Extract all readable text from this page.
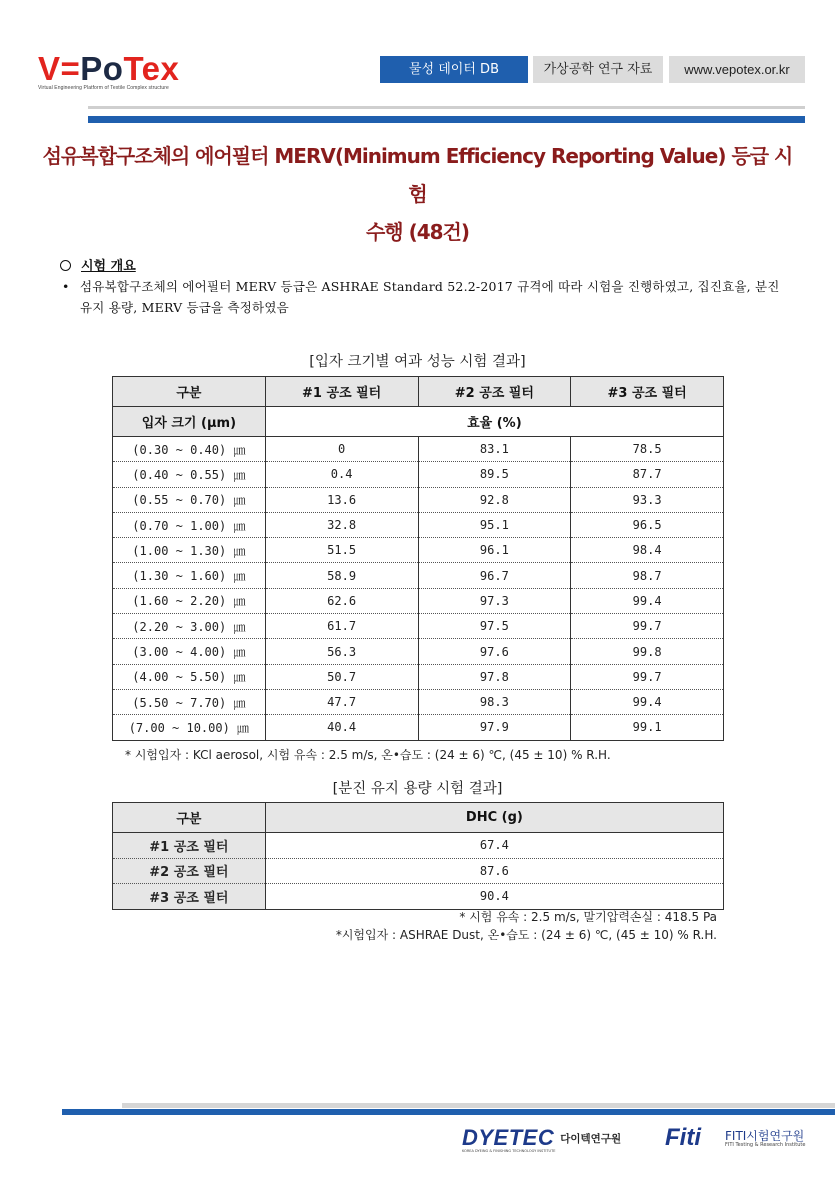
V=PoTex
Virtual Engineering Platform of Textile Complex structure
물성 데이터 DB	가상공학 연구 자료	www.vepotex.or.kr
섬유복합구조체의 에어필터 MERV(Minimum Efficiency Reporting Value) 등급 시험
수행 (48건)
시험 개요
• 섬유복합구조체의 에어필터 MERV 등급은 ASHRAE Standard 52.2-2017 규격에 따라 시험을 진행하였고, 집진효율, 분진 유지 용량, MERV 등급을 측정하였음
[입자 크기별 여과 성능 시험 결과]
구분	#1 공조 필터	#2 공조 필터	#3 공조 필터
입자 크기 (μm)	효율 (%)		
(0.30 ~ 0.40) ㎛	0	83.1	78.5
(0.40 ~ 0.55) ㎛	0.4	89.5	87.7
(0.55 ~ 0.70) ㎛	13.6	92.8	93.3
(0.70 ~ 1.00) ㎛	32.8	95.1	96.5
(1.00 ~ 1.30) ㎛	51.5	96.1	98.4
(1.30 ~ 1.60) ㎛	58.9	96.7	98.7
(1.60 ~ 2.20) ㎛	62.6	97.3	99.4
(2.20 ~ 3.00) ㎛	61.7	97.5	99.7
(3.00 ~ 4.00) ㎛	56.3	97.6	99.8
(4.00 ~ 5.50) ㎛	50.7	97.8	99.7
(5.50 ~ 7.70) ㎛	47.7	98.3	99.4
(7.00 ~ 10.00) ㎛	40.4	97.9	99.1
* 시험입자 : KCl aerosol, 시험 유속 : 2.5 m/s, 온•습도 : (24 ± 6) ℃, (45 ± 10) % R.H.
[분진 유지 용량 시험 결과]
구분	DHC (g)
#1 공조 필터	67.4
#2 공조 필터	87.6
#3 공조 필터	90.4
* 시험 유속 : 2.5 m/s, 말기압력손실 : 418.5 Pa
*시험입자 : ASHRAE Dust, 온•습도 : (24 ± 6) ℃, (45 ± 10) % R.H.
DYETEC 다이텍연구원
KOREA DYEING & FINISHING TECHNOLOGY INSTITUTE	Fiti FITI시험연구원
FITI Testing & Research Institute
